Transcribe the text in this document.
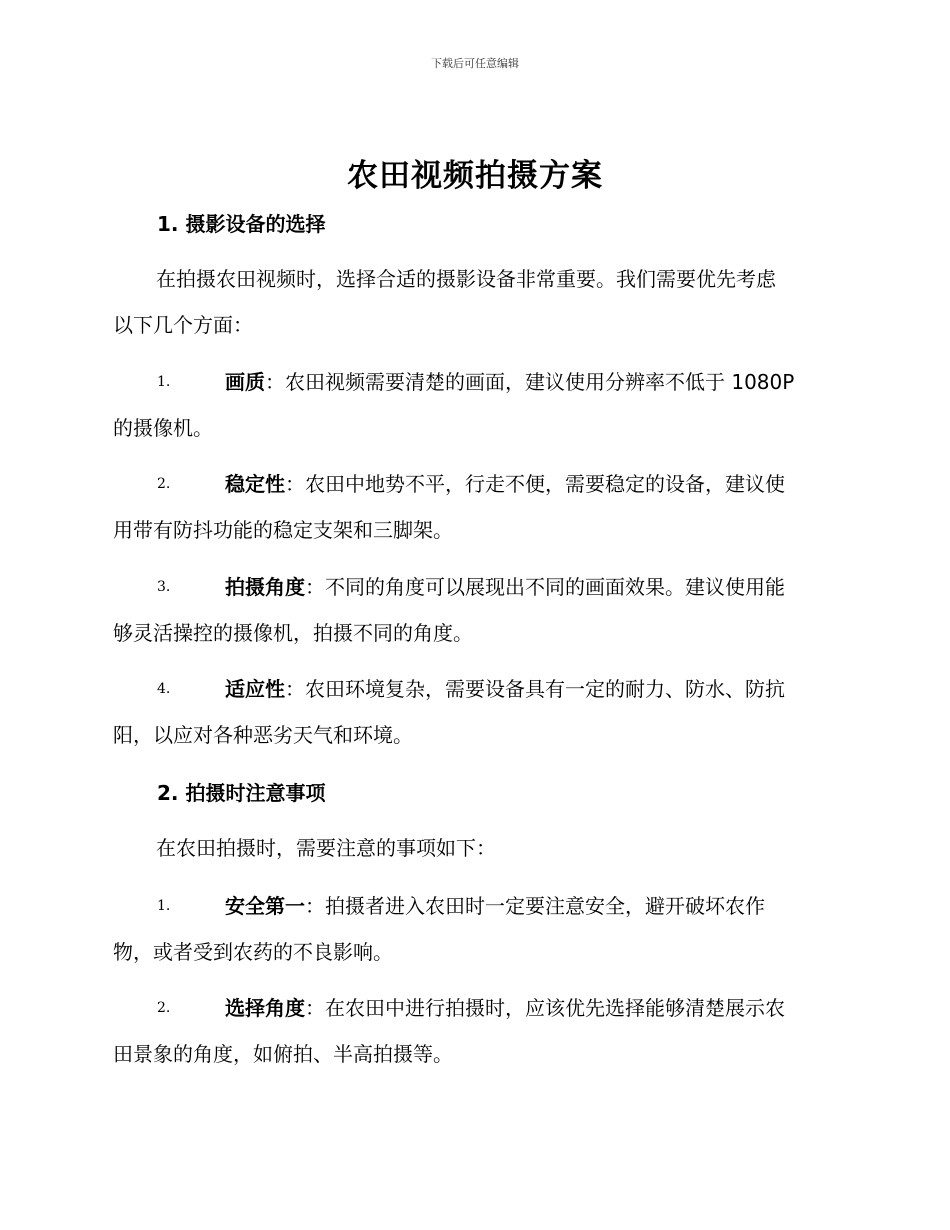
下载后可任意编辑
农田视频拍摄方案
1. 摄影设备的选择
在拍摄农田视频时，选择合适的摄影设备非常重要。我们需要优先考虑
以下几个方面：
1.	画质：农田视频需要清楚的画面，建议使用分辨率不低于 1080P
的摄像机。
2.	稳定性：农田中地势不平，行走不便，需要稳定的设备，建议使
用带有防抖功能的稳定支架和三脚架。
3.	拍摄角度：不同的角度可以展现出不同的画面效果。建议使用能
够灵活操控的摄像机，拍摄不同的角度。
4.	适应性：农田环境复杂，需要设备具有一定的耐力、防水、防抗
阳，以应对各种恶劣天气和环境。
2. 拍摄时注意事项
在农田拍摄时，需要注意的事项如下：
1.	安全第一：拍摄者进入农田时一定要注意安全，避开破坏农作
物，或者受到农药的不良影响。
2.	选择角度：在农田中进行拍摄时，应该优先选择能够清楚展示农
田景象的角度，如俯拍、半高拍摄等。
